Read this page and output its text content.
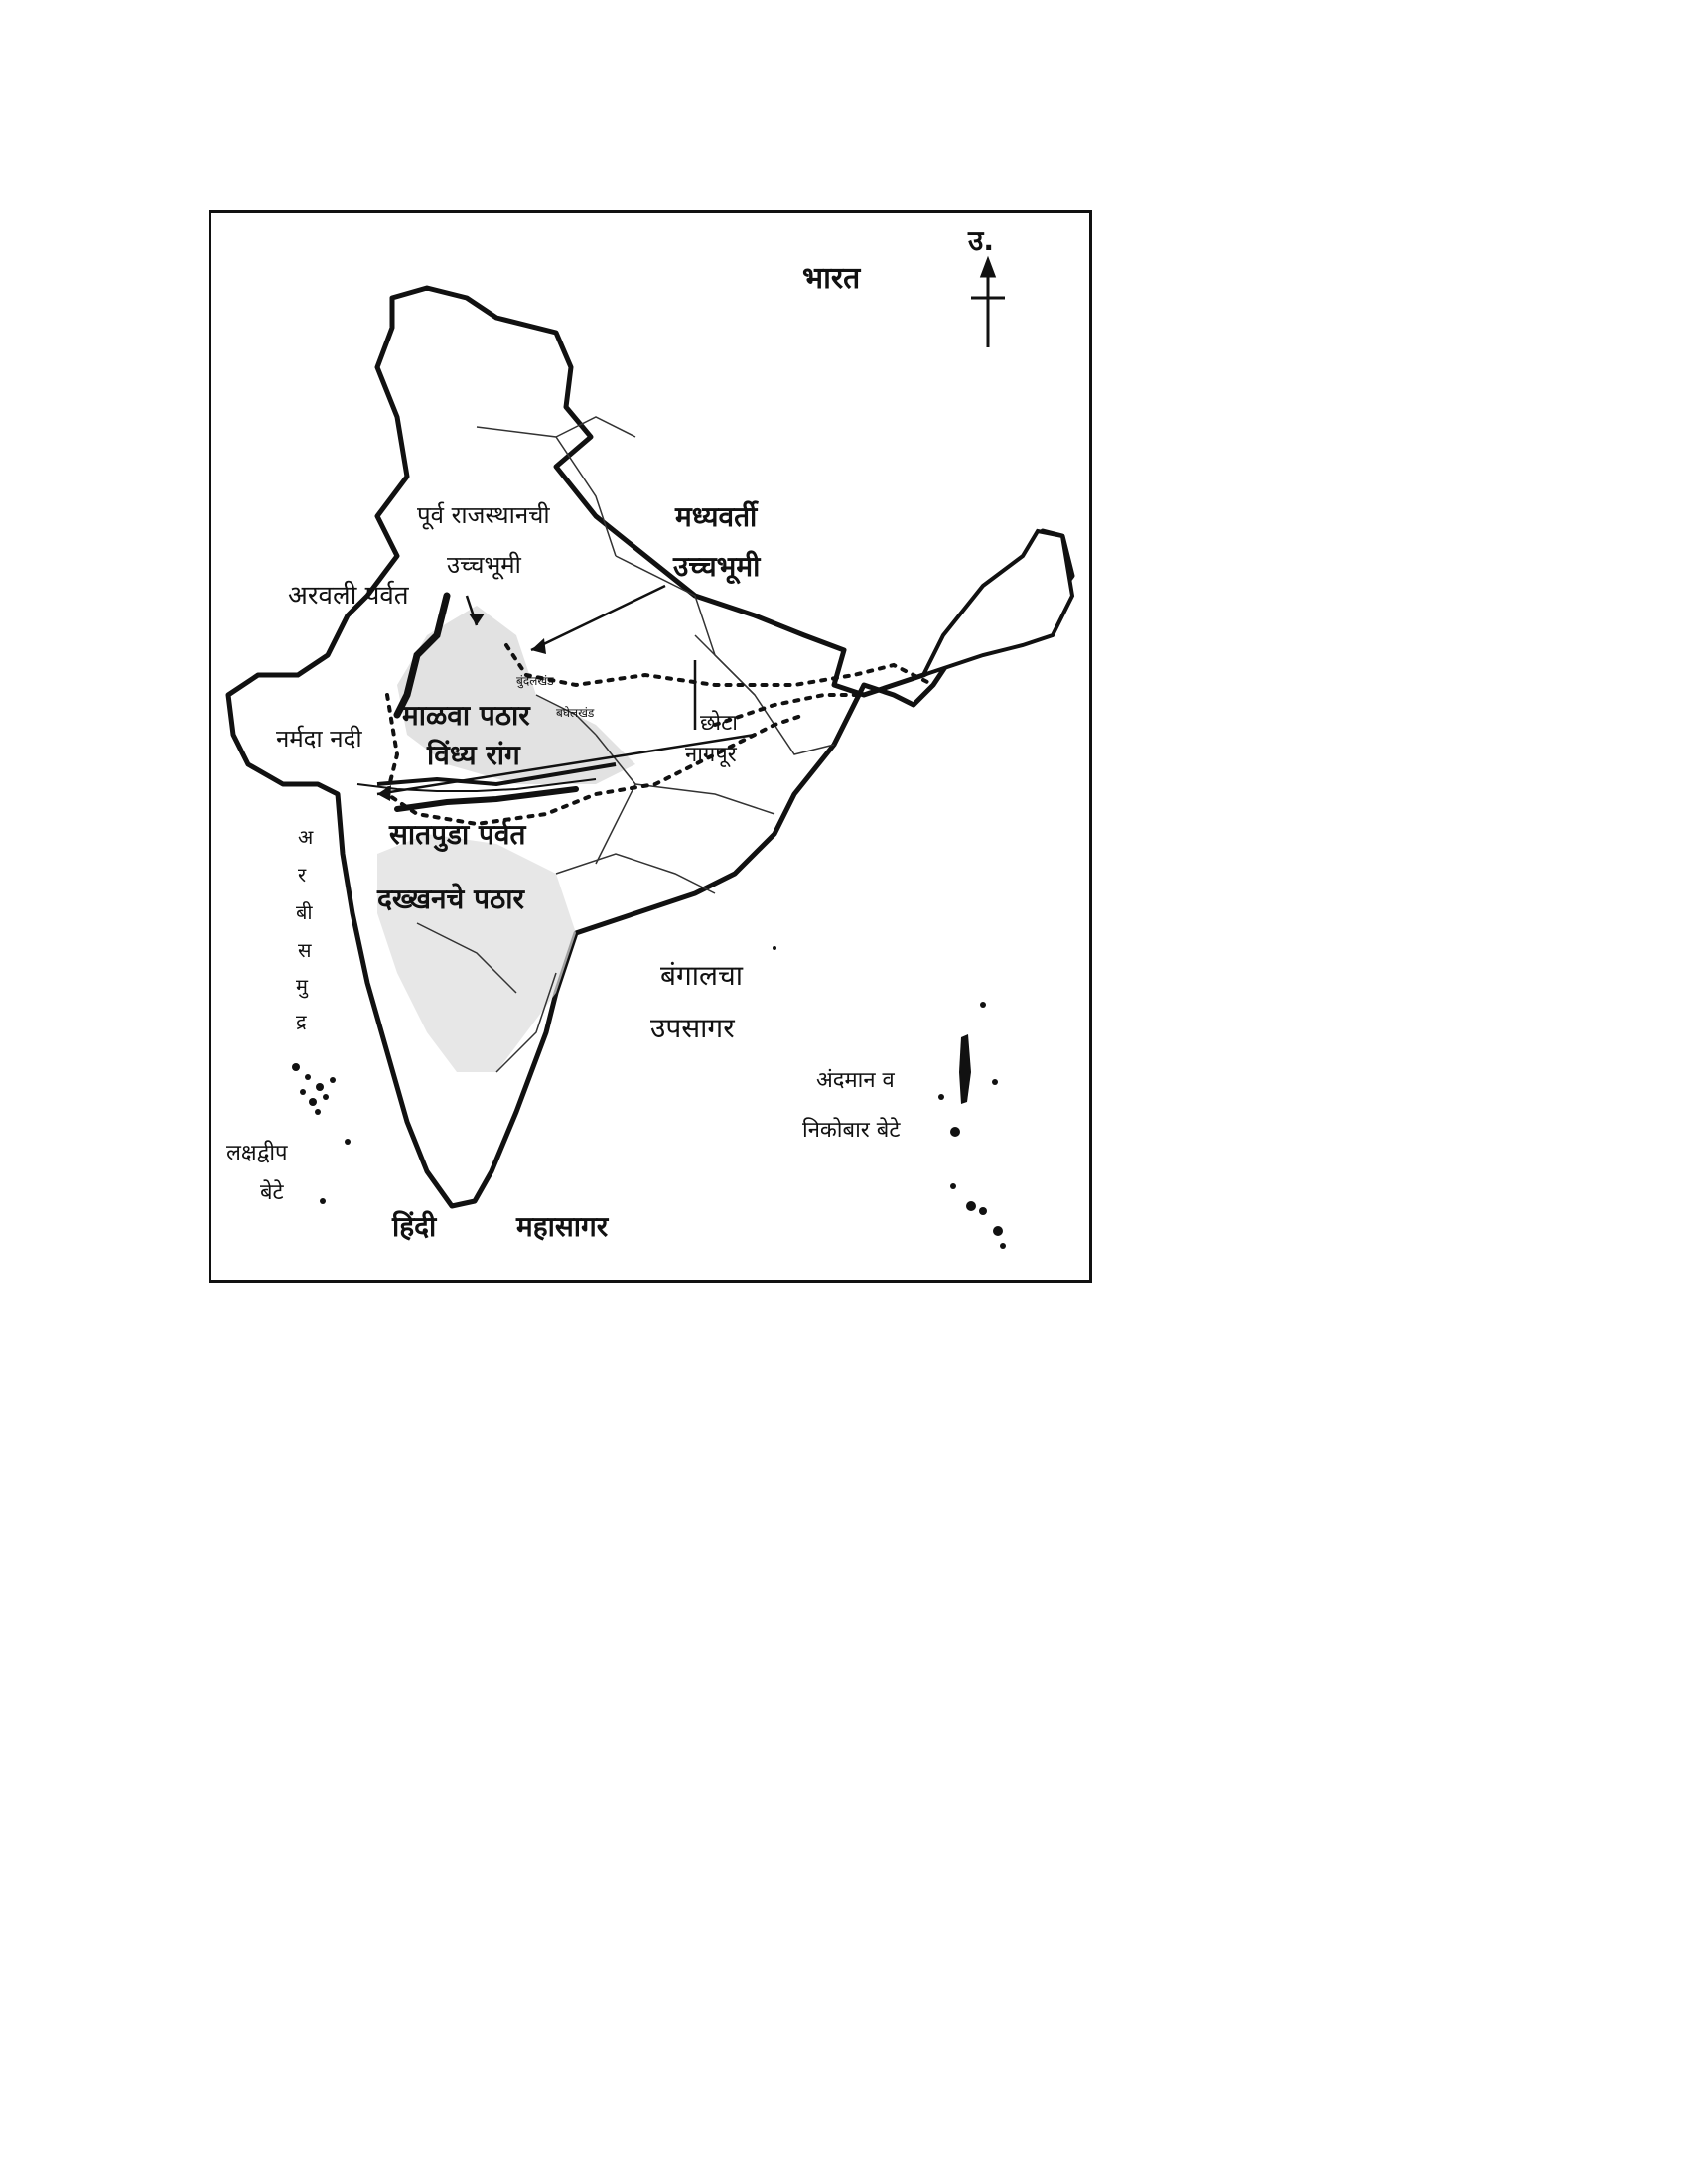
भारत
उ.
पूर्व राजस्थानची
उच्चभूमी
मध्यवर्ती
उच्चभूमी
अरवली पर्वत
नर्मदा नदी
माळवा पठार
बुंदेलखंड
बघेलखंड	छोटा
नागपूर
विंध्य रांग
सातपुडा पर्वत
दख्खनचे पठार
अ
र
बी
स
मु
द्र
बंगालचा
उपसागर
अंदमान व
निकोबार बेटे
लक्षद्वीप
बेटे
हिंदी	महासागर
